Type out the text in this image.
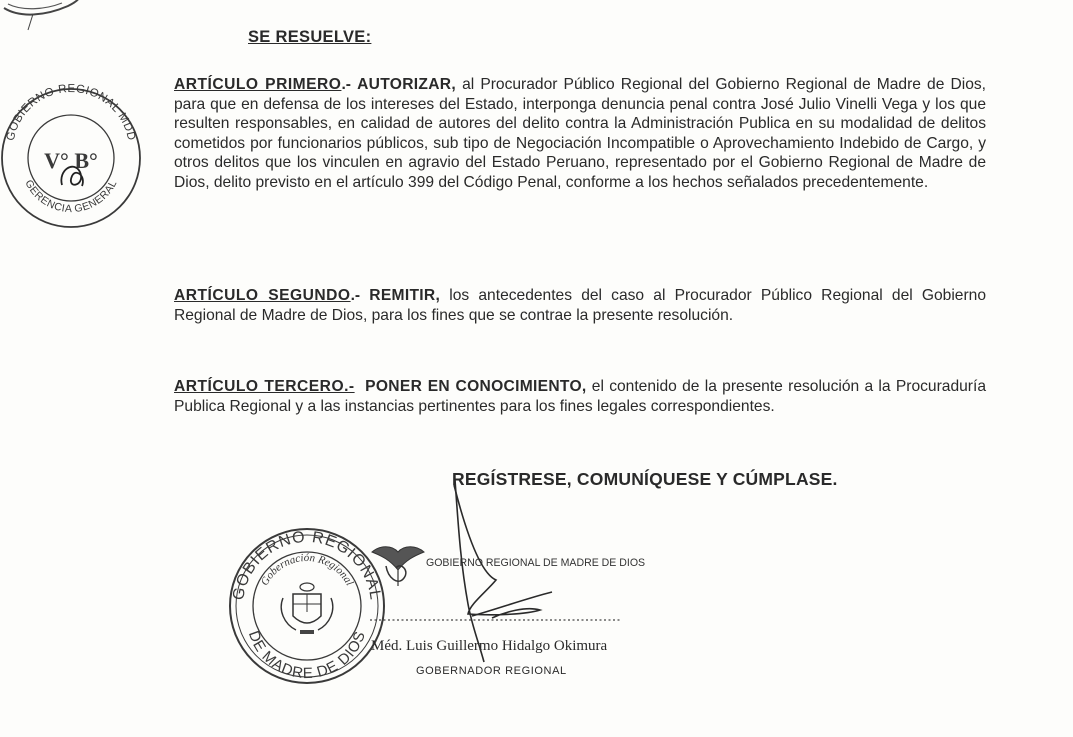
GOBIERNO REGIONAL MDD
GERENCIA GENERAL
V° B°
GOBIERNO REGIONAL
Gobernación Regional
DE MADRE DE DIOS
GOBIERNO REGIONAL DE MADRE DE DIOS
Méd. Luis Guillermo Hidalgo Okimura
GOBERNADOR REGIONAL
SE RESUELVE:
ARTÍCULO PRIMERO.- AUTORIZAR, al Procurador Público Regional del Gobierno Regional de Madre de Dios, para que en defensa de los intereses del Estado, interponga denuncia penal contra José Julio Vinelli Vega y los que resulten responsables, en calidad de autores del delito contra la Administración Publica en su modalidad de delitos cometidos por funcionarios públicos, sub tipo de Negociación Incompatible o Aprovechamiento Indebido de Cargo, y otros delitos que los vinculen en agravio del Estado Peruano, representado por el Gobierno Regional de Madre de Dios, delito previsto en el artículo 399 del Código Penal, conforme a los hechos señalados precedentemente.
ARTÍCULO SEGUNDO.- REMITIR, los antecedentes del caso al Procurador Público Regional del Gobierno Regional de Madre de Dios, para los fines que se contrae la presente resolución.
ARTÍCULO TERCERO.- PONER EN CONOCIMIENTO, el contenido de la presente resolución a la Procuraduría Publica Regional y a las instancias pertinentes para los fines legales correspondientes.
REGÍSTRESE, COMUNÍQUESE Y CÚMPLASE.
